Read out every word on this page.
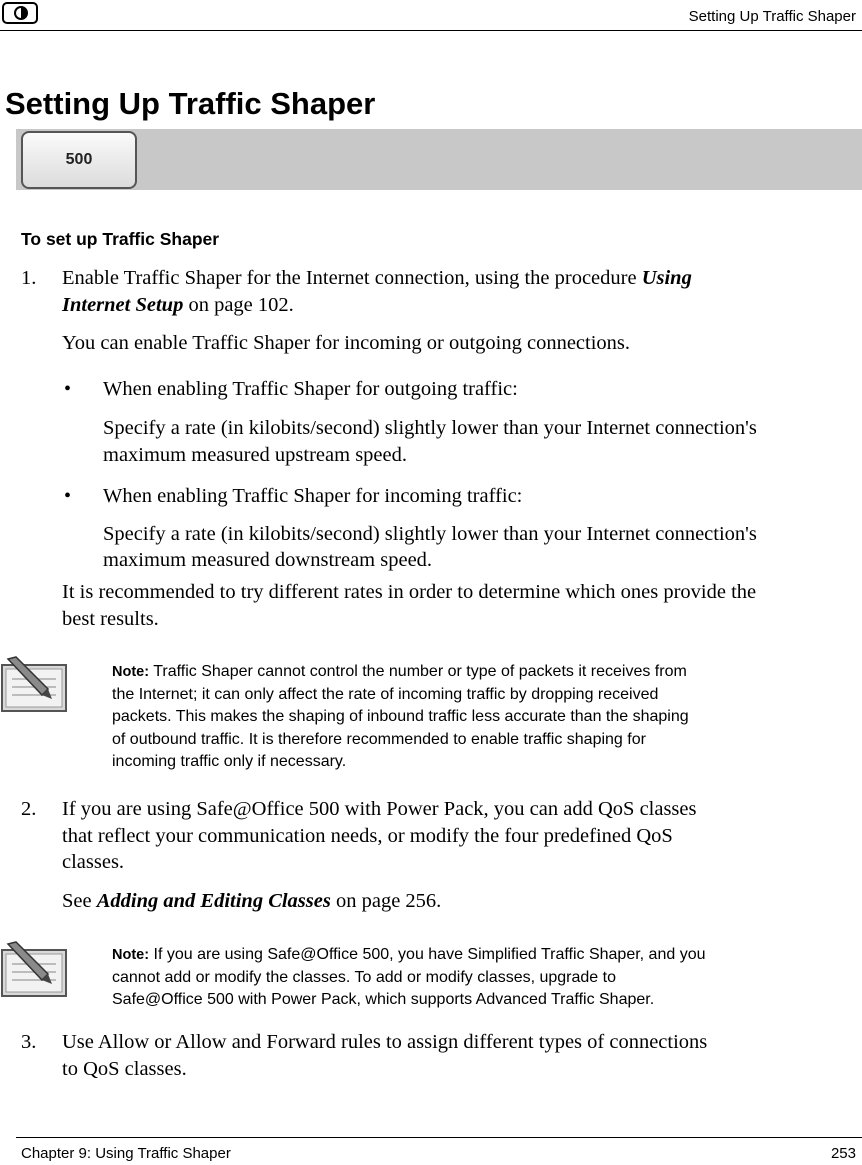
Setting Up Traffic Shaper
Setting Up Traffic Shaper
500
To set up Traffic Shaper
1. Enable Traffic Shaper for the Internet connection, using the procedure Using
Internet Setup on page 102.
You can enable Traffic Shaper for incoming or outgoing connections.
• When enabling Traffic Shaper for outgoing traffic:
Specify a rate (in kilobits/second) slightly lower than your Internet connection's
maximum measured upstream speed.
• When enabling Traffic Shaper for incoming traffic:
Specify a rate (in kilobits/second) slightly lower than your Internet connection's
maximum measured downstream speed.
It is recommended to try different rates in order to determine which ones provide the
best results.
Note: Traffic Shaper cannot control the number or type of packets it receives from
the Internet; it can only affect the rate of incoming traffic by dropping received
packets. This makes the shaping of inbound traffic less accurate than the shaping
of outbound traffic. It is therefore recommended to enable traffic shaping for
incoming traffic only if necessary.
2. If you are using Safe@Office 500 with Power Pack, you can add QoS classes
that reflect your communication needs, or modify the four predefined QoS
classes.
See Adding and Editing Classes on page 256.
Note: If you are using Safe@Office 500, you have Simplified Traffic Shaper, and you
cannot add or modify the classes. To add or modify classes, upgrade to
Safe@Office 500 with Power Pack, which supports Advanced Traffic Shaper.
3. Use Allow or Allow and Forward rules to assign different types of connections
to QoS classes.
Chapter 9: Using Traffic Shaper	253
